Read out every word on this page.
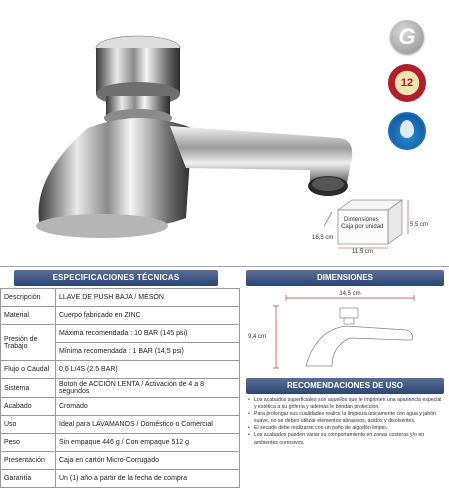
G
12
Dimensiones
Caja por unidad	5,5 cm
16,5 cm
11,5 cm
ESPECIFICACIONES TÉCNICAS
Descripción	LLAVE DE PUSH BAJA / MESÓN
Material	Cuerpo fabricado en ZINC
Presión de Trabajo	Máxima recomendada : 10 BAR (145 psi)
	Mínima recomendada : 1 BAR (14,5 psi)
Flujo o Caudal	0,6 L/4S (2.5 BAR)
Sistema	Boton de ACCIÓN LENTA / Activación de 4 a 8 segundos
Acabado	Cromado
Uso	Ideal para LAVAMANOS / Doméstico o Comercial
Peso	Sin empaque 446 g / Con empaque 512 g
Presentación	Caja en cartón Micro-Corrugado
Garantía	Un (1) año a partir de la fecha de compra
DIMENSIONES
14,5 cm
9,4 cm
RECOMENDACIONES DE USO
• Los acabados superficiales son aquellos que le imprimen una apariencia especial y estética a su grifería y además le brindan protección.
• Para prolongar sus cualidades realice la limpieza únicamente con agua y jabón suave, no se deben utilizar elementos abrasivos, ácidos y disolventes.
• El secado debe realizarse con un paño de algodón limpio.
• Los acabados pueden variar su comportamiento en zonas costeras y/o en ambientes corrosivos.
